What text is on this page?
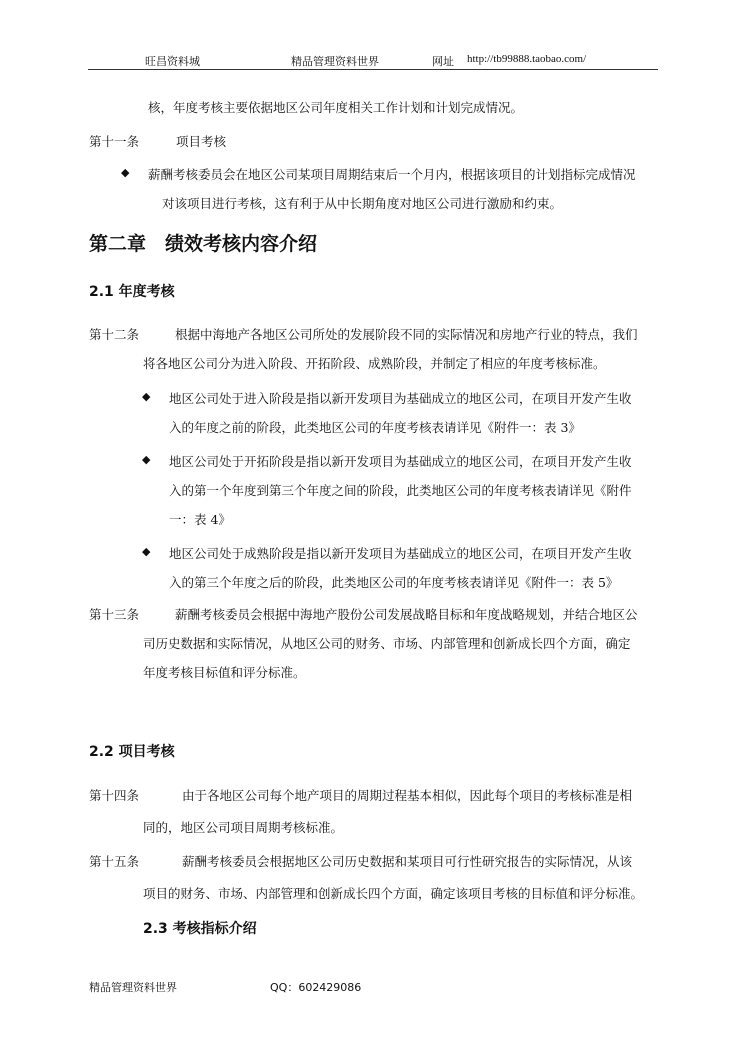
旺昌资料城	精品管理资料世界	网址 http://tb99888.taobao.com/
核，年度考核主要依据地区公司年度相关工作计划和计划完成情况。
第十一条	项目考核
◆ 薪酬考核委员会在地区公司某项目周期结束后一个月内，根据该项目的计划指标完成情况
对该项目进行考核，这有利于从中长期角度对地区公司进行激励和约束。
第二章　绩效考核内容介绍
2.1 年度考核
第十二条	根据中海地产各地区公司所处的发展阶段不同的实际情况和房地产行业的特点，我们
将各地区公司分为进入阶段、开拓阶段、成熟阶段，并制定了相应的年度考核标准。
◆ 地区公司处于进入阶段是指以新开发项目为基础成立的地区公司，在项目开发产生收
入的年度之前的阶段，此类地区公司的年度考核表请详见《附件一：表 3》
◆ 地区公司处于开拓阶段是指以新开发项目为基础成立的地区公司，在项目开发产生收
入的第一个年度到第三个年度之间的阶段，此类地区公司的年度考核表请详见《附件
一：表 4》
◆ 地区公司处于成熟阶段是指以新开发项目为基础成立的地区公司，在项目开发产生收
入的第三个年度之后的阶段，此类地区公司的年度考核表请详见《附件一：表 5》
第十三条	薪酬考核委员会根据中海地产股份公司发展战略目标和年度战略规划，并结合地区公
司历史数据和实际情况，从地区公司的财务、市场、内部管理和创新成长四个方面，确定
年度考核目标值和评分标准。
2.2 项目考核
第十四条	由于各地区公司每个地产项目的周期过程基本相似，因此每个项目的考核标准是相
同的，地区公司项目周期考核标准。
第十五条	薪酬考核委员会根据地区公司历史数据和某项目可行性研究报告的实际情况，从该
项目的财务、市场、内部管理和创新成长四个方面，确定该项目考核的目标值和评分标准。
2.3 考核指标介绍
精品管理资料世界	QQ：602429086
